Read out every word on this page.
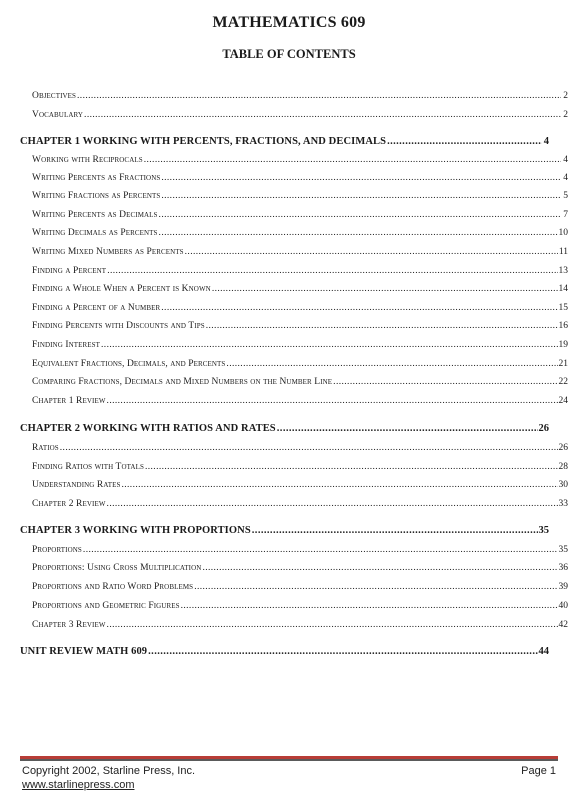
MATHEMATICS 609
TABLE OF CONTENTS
Objectives .....	2
Vocabulary .....	2
CHAPTER 1 WORKING WITH PERCENTS, FRACTIONS, AND DECIMALS .....	4
Working with Reciprocals .....	4
Writing Percents as Fractions .....	4
Writing Fractions as Percents .....	5
Writing Percents as Decimals .....	7
Writing Decimals as Percents .....	10
Writing Mixed Numbers as Percents .....	11
Finding a Percent .....	13
Finding a Whole When a Percent is Known .....	14
Finding a Percent of a Number .....	15
Finding Percents with Discounts and Tips .....	16
Finding Interest .....	19
Equivalent Fractions, Decimals, and Percents .....	21
Comparing Fractions, Decimals and Mixed Numbers on the Number Line .....	22
Chapter 1 Review .....	24
CHAPTER 2 WORKING WITH RATIOS AND RATES .....	26
Ratios .....	26
Finding Ratios with Totals .....	28
Understanding Rates .....	30
Chapter 2 Review .....	33
CHAPTER 3 WORKING WITH PROPORTIONS .....	35
Proportions .....	35
Proportions: Using Cross Multiplication .....	36
Proportions and Ratio Word Problems .....	39
Proportions and Geometric Figures .....	40
Chapter 3 Review .....	42
UNIT REVIEW MATH 609 .....	44
Copyright 2002, Starline Press, Inc.
www.starlinepress.com
Page 1
